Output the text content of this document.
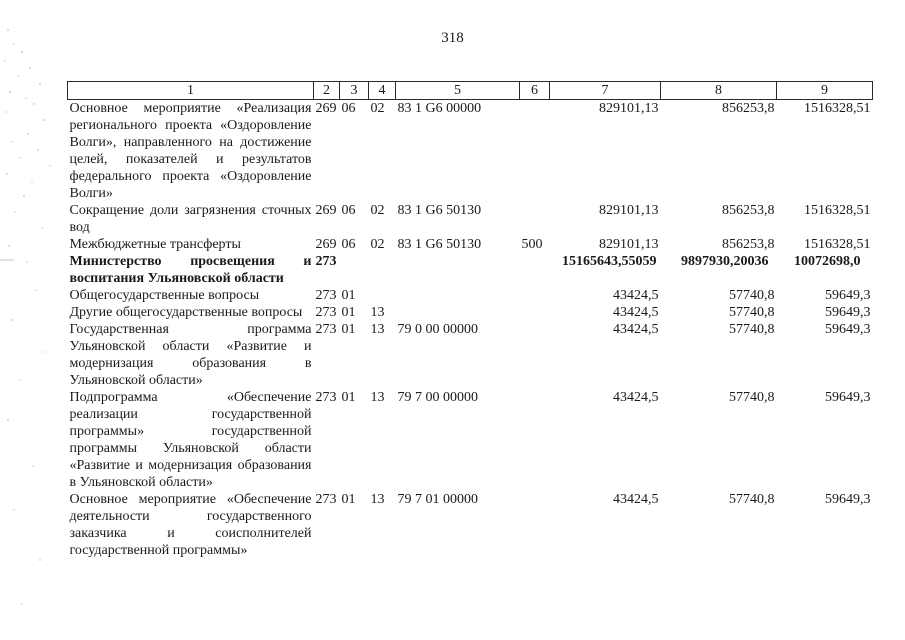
318
1	2	3	4	5	6	7	8	9
Основное мероприятие «Реализация регионального проекта «Оздоровление Волги», направленного на достижение целей, показателей и результатов федерального проекта «Оздоровление Волги»	269	06	02	83 1 G6 00000		829101,13	856253,8	1516328,51
Сокращение доли загрязнения сточных вод	269	06	02	83 1 G6 50130		829101,13	856253,8	1516328,51
Межбюджетные трансферты	269	06	02	83 1 G6 50130	500	829101,13	856253,8	1516328,51
Министерство просвещения и воспитания Ульяновской области	273					15165643,55059	9897930,20036	10072698,0
Общегосударственные вопросы	273	01				43424,5	57740,8	59649,3
Другие общегосударственные вопросы	273	01	13			43424,5	57740,8	59649,3
Государственная программа Ульяновской области «Развитие и модернизация образования в Ульяновской области»	273	01	13	79 0 00 00000		43424,5	57740,8	59649,3
Подпрограмма «Обеспечение реализации государственной программы» государственной программы Ульяновской области «Развитие и модернизация образования в Ульяновской области»	273	01	13	79 7 00 00000		43424,5	57740,8	59649,3
Основное мероприятие «Обеспечение деятельности государственного заказчика и соисполнителей государственной программы»	273	01	13	79 7 01 00000		43424,5	57740,8	59649,3
